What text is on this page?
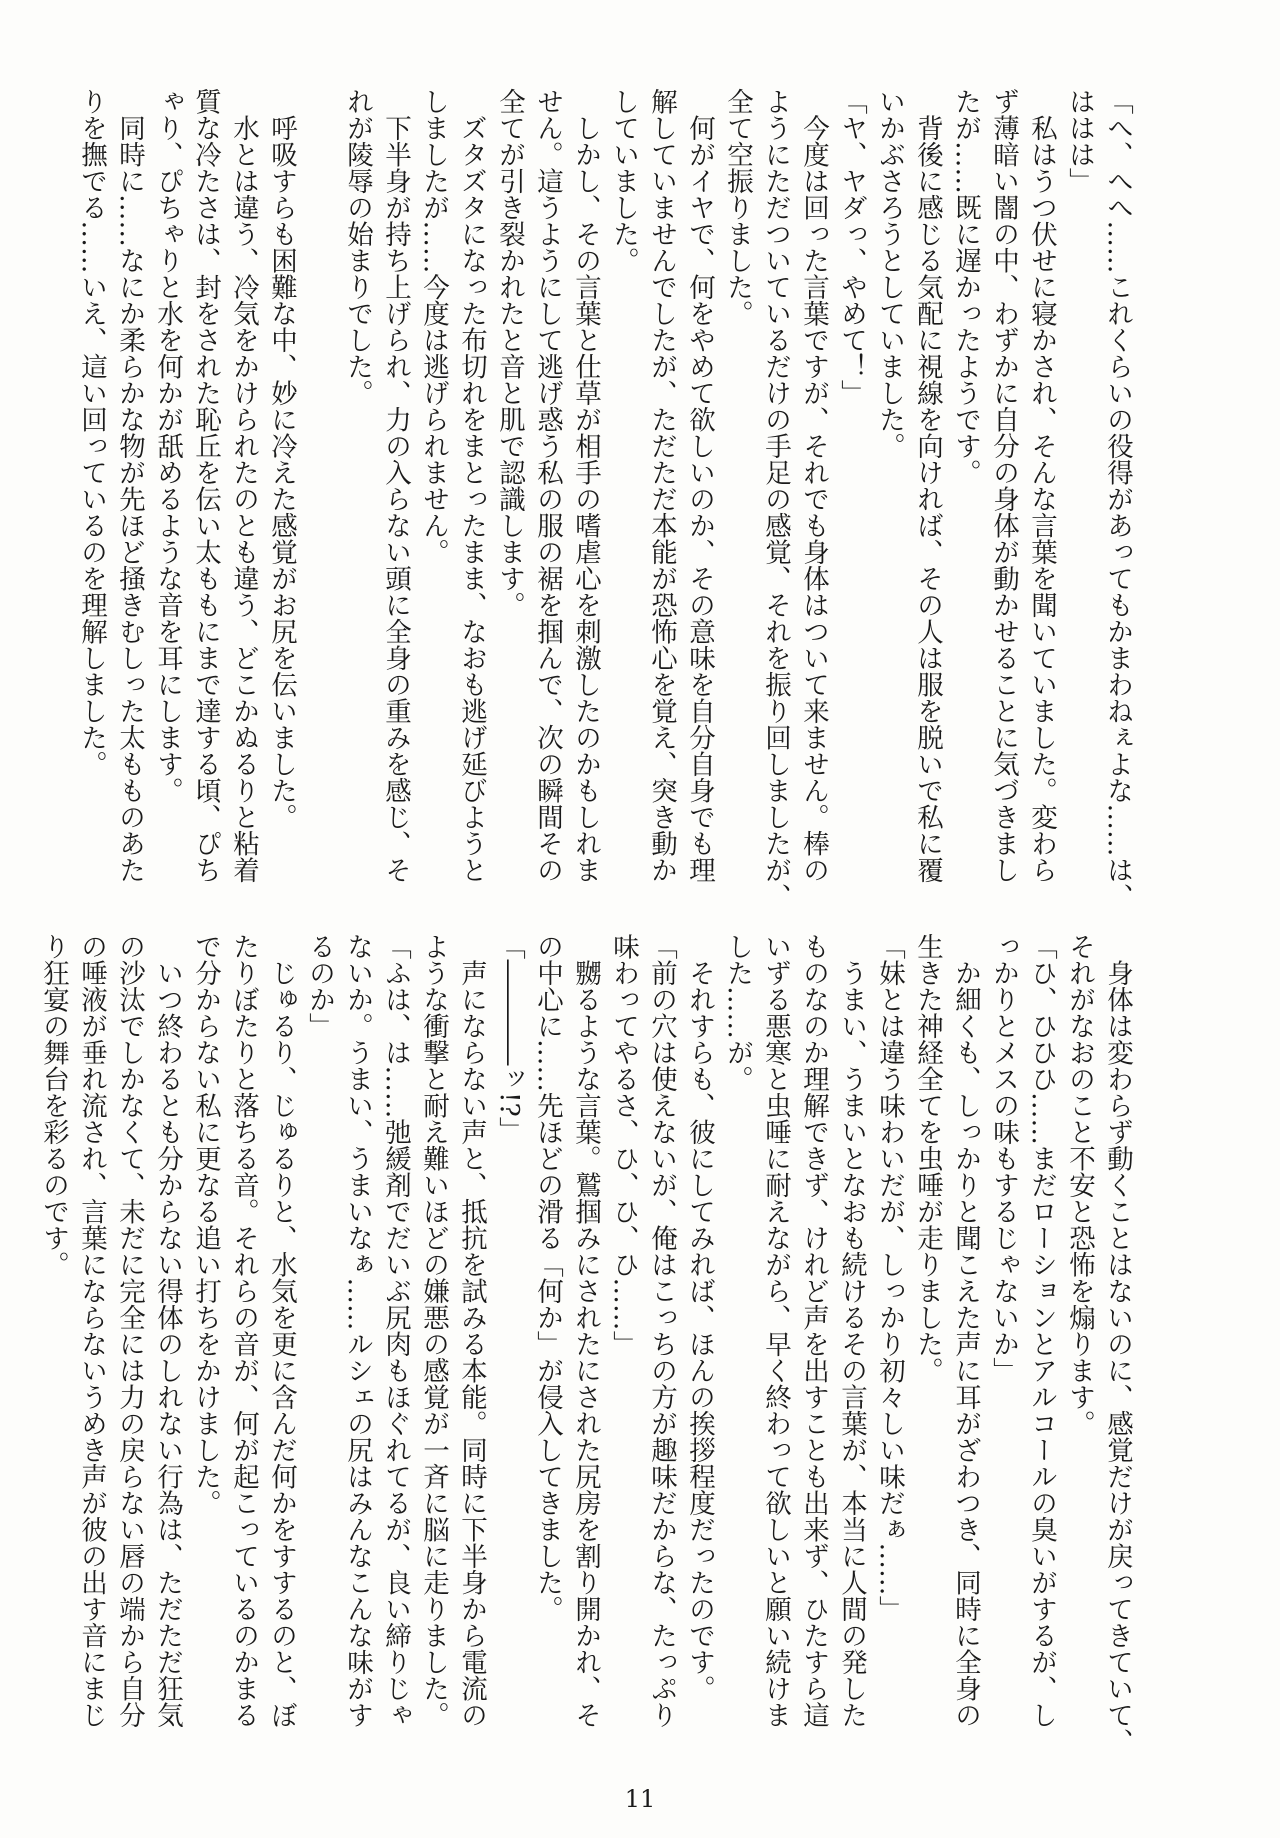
「へ、へへ……これくらいの役得があってもかまわねぇよな……は、
ははは」
　私はうつ伏せに寝かされ、そんな言葉を聞いていました。変わら
ず薄暗い闇の中、わずかに自分の身体が動かせることに気づきまし
たが……既に遅かったようです。
　背後に感じる気配に視線を向ければ、その人は服を脱いで私に覆
いかぶさろうとしていました。
「ヤ、ヤダっ、やめて！」
　今度は回った言葉ですが、それでも身体はついて来ません。棒の
ようにただついているだけの手足の感覚、それを振り回しましたが、
全て空振りました。
　何がイヤで、何をやめて欲しいのか、その意味を自分自身でも理
解していませんでしたが、ただただ本能が恐怖心を覚え、突き動か
していました。
　しかし、その言葉と仕草が相手の嗜虐心を刺激したのかもしれま
せん。這うようにして逃げ惑う私の服の裾を掴んで、次の瞬間その
全てが引き裂かれたと音と肌で認識します。
　ズタズタになった布切れをまとったまま、なおも逃げ延びようと
しましたが……今度は逃げられません。
　下半身が持ち上げられ、力の入らない頭に全身の重みを感じ、そ
れが陵辱の始まりでした。

　呼吸すらも困難な中、妙に冷えた感覚がお尻を伝いました。
　水とは違う、冷気をかけられたのとも違う、どこかぬるりと粘着
質な冷たさは、封をされた恥丘を伝い太ももにまで達する頃、ぴち
ゃり、ぴちゃりと水を何かが舐めるような音を耳にします。
　同時に……なにか柔らかな物が先ほど掻きむしった太もものあた
りを撫でる……いえ、這い回っているのを理解しました。
　身体は変わらず動くことはないのに、感覚だけが戻ってきていて、
それがなおのこと不安と恐怖を煽ります。
「ひ、ひひひ……まだローションとアルコールの臭いがするが、し
っかりとメスの味もするじゃないか」
　か細くも、しっかりと聞こえた声に耳がざわつき、同時に全身の
生きた神経全てを虫唾が走りました。
「妹とは違う味わいだが、しっかり初々しい味だぁ……」
　うまい、うまいとなおも続けるその言葉が、本当に人間の発した
ものなのか理解できず、けれど声を出すことも出来ず、ひたすら這
いずる悪寒と虫唾に耐えながら、早く終わって欲しいと願い続けま
した……が。
　それすらも、彼にしてみれば、ほんの挨拶程度だったのです。
「前の穴は使えないが、俺はこっちの方が趣味だからな、たっぷり
味わってやるさ、ひ、ひ、ひ……」
　嬲るような言葉。鷲掴みにされたにされた尻房を割り開かれ、そ
の中心に……先ほどの滑る「何か」が侵入してきました。
「――――ッ!?」
　声にならない声と、抵抗を試みる本能。同時に下半身から電流の
ような衝撃と耐え難いほどの嫌悪の感覚が一斉に脳に走りました。
「ふは、は……弛緩剤でだいぶ尻肉もほぐれてるが、良い締りじゃ
ないか。うまい、うまいなぁ……ルシェの尻はみんなこんな味がす
るのか」
　じゅるり、じゅるりと、水気を更に含んだ何かをすするのと、ぼ
たりぼたりと落ちる音。それらの音が、何が起こっているのかまる
で分からない私に更なる追い打ちをかけました。
　いつ終わるとも分からない得体のしれない行為は、ただただ狂気
の沙汰でしかなくて、未だに完全には力の戻らない唇の端から自分
の唾液が垂れ流され、言葉にならないうめき声が彼の出す音にまじ
り狂宴の舞台を彩るのです。
11
